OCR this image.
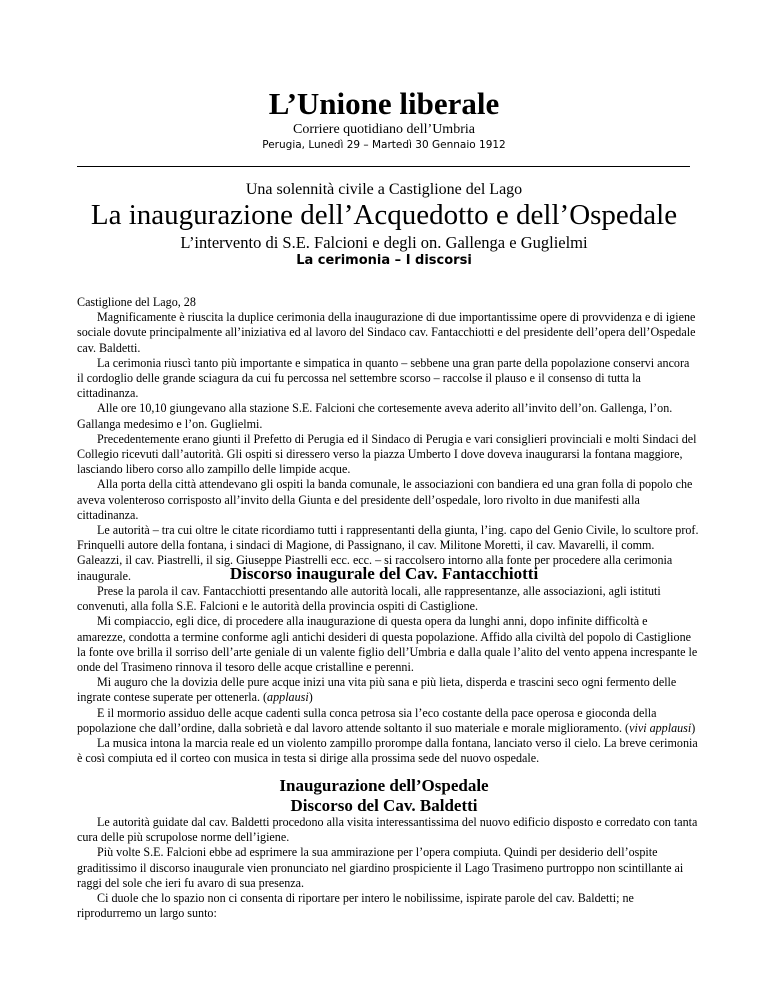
L’Unione liberale
Corriere quotidiano dell’Umbria
Perugia, Lunedì 29 – Martedì 30 Gennaio 1912
Una solennità civile a Castiglione del Lago
La inaugurazione dell’Acquedotto e dell’Ospedale
L’intervento di S.E. Falcioni e degli on. Gallenga e Guglielmi
La cerimonia – I discorsi

Castiglione del Lago, 28

Magnificamente è riuscita la duplice cerimonia della inaugurazione di due importantissime opere di provvidenza e di igiene sociale dovute principalmente all’iniziativa ed al lavoro del Sindaco cav. Fantacchiotti e del presidente dell’opera dell’Ospedale cav. Baldetti.

La cerimonia riuscì tanto più importante e simpatica in quanto – sebbene una gran parte della popolazione conservi ancora il cordoglio delle grande sciagura da cui fu percossa nel settembre scorso – raccolse il plauso e il consenso di tutta la cittadinanza.

Alle ore 10,10 giungevano alla stazione S.E. Falcioni che cortesemente aveva aderito all’invito dell’on. Gallenga, l’on. Gallanga medesimo e l’on. Guglielmi.

Precedentemente erano giunti il Prefetto di Perugia ed il Sindaco di Perugia e vari consiglieri provinciali e molti Sindaci del Collegio ricevuti dall’autorità. Gli ospiti si diressero verso la piazza Umberto I dove doveva inaugurarsi la fontana maggiore, lasciando libero corso allo zampillo delle limpide acque.

Alla porta della città attendevano gli ospiti la banda comunale, le associazioni con bandiera ed una gran folla di popolo che aveva volenteroso corrisposto all’invito della Giunta e del presidente dell’ospedale, loro rivolto in due manifesti alla cittadinanza.

Le autorità – tra cui oltre le citate ricordiamo tutti i rappresentanti della giunta, l’ing. capo del Genio Civile, lo scultore prof. Frinquelli autore della fontana, i sindaci di Magione, di Passignano, il cav. Militone Moretti, il cav. Mavarelli, il comm. Galeazzi, il cav. Piastrelli, il sig. Giuseppe Piastrelli ecc. ecc. – si raccolsero intorno alla fonte per procedere alla cerimonia inaugurale.	Discorso inaugurale del Cav. Fantacchiotti

Prese la parola il cav. Fantacchiotti presentando alle autorità locali, alle rappresentanze, alle associazioni, agli istituti convenuti, alla folla S.E. Falcioni e le autorità della provincia ospiti di Castiglione.

Mi compiaccio, egli dice, di procedere alla inaugurazione di questa opera da lunghi anni, dopo infinite difficoltà e amarezze, condotta a termine conforme agli antichi desideri di questa popolazione. Affido alla civiltà del popolo di Castiglione la fonte ove brilla il sorriso dell’arte geniale di un valente figlio dell’Umbria e dalla quale l’alito del vento appena increspante le onde del Trasimeno rinnova il tesoro delle acque cristalline e perenni.

Mi auguro che la dovizia delle pure acque inizi una vita più sana e più lieta, disperda e trascini seco ogni fermento delle ingrate contese superate per ottenerla. (applausi)

E il mormorio assiduo delle acque cadenti sulla conca petrosa sia l’eco costante della pace operosa e gioconda della popolazione che dall’ordine, dalla sobrietà e dal lavoro attende soltanto il suo materiale e morale miglioramento. (vivi applausi)

La musica intona la marcia reale ed un violento zampillo prorompe dalla fontana, lanciato verso il cielo. La breve cerimonia è così compiuta ed il corteo con musica in testa si dirige alla prossima sede del nuovo ospedale.

Inaugurazione dell’Ospedale
Discorso del Cav. Baldetti

Le autorità guidate dal cav. Baldetti procedono alla visita interessantissima del nuovo edificio disposto e corredato con tanta cura delle più scrupolose norme dell’igiene.

Più volte S.E. Falcioni ebbe ad esprimere la sua ammirazione per l’opera compiuta. Quindi per desiderio dell’ospite graditissimo il discorso inaugurale vien pronunciato nel giardino prospiciente il Lago Trasimeno purtroppo non scintillante ai raggi del sole che ieri fu avaro di sua presenza.

Ci duole che lo spazio non ci consenta di riportare per intero le nobilissime, ispirate parole del cav. Baldetti; ne riprodurremo un largo sunto:
